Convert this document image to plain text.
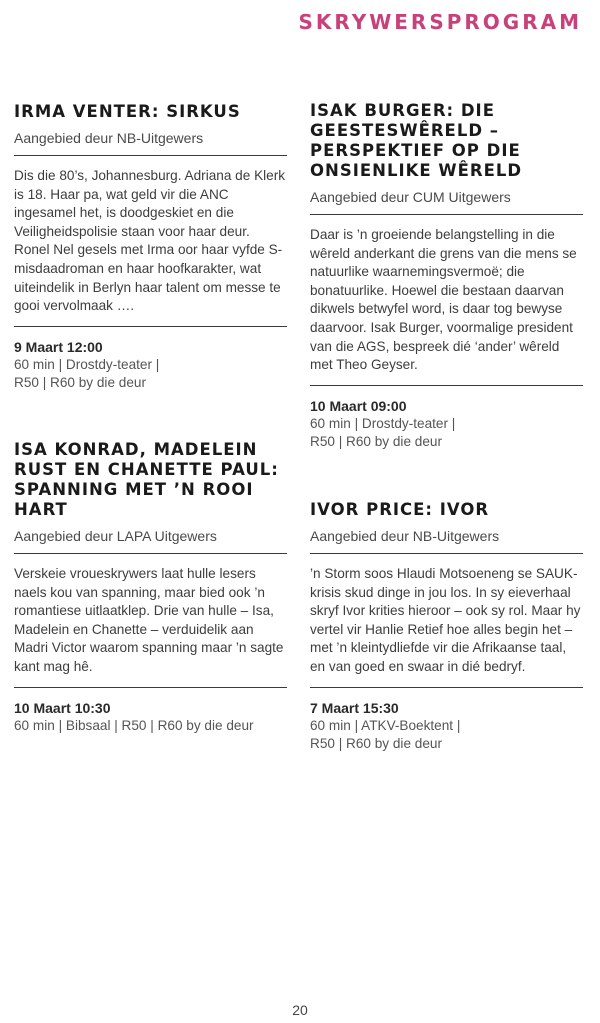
SKRYWERSPROGRAM
IRMA VENTER: SIRKUS
Aangebied deur NB-Uitgewers
Dis die 80’s, Johannesburg. Adriana de Klerk is 18. Haar pa, wat geld vir die ANC ingesamel het, is doodgeskiet en die Veiligheidspolisie staan voor haar deur. Ronel Nel gesels met Irma oor haar vyfde S-misdaadroman en haar hoofkarakter, wat uiteindelik in Berlyn haar talent om messe te gooi vervolmaak ….
9 Maart 12:00
60 min | Drostdy-teater | R50 | R60 by die deur
ISA KONRAD, MADELEIN RUST EN CHANETTE PAUL: SPANNING MET ’N ROOI HART
Aangebied deur LAPA Uitgewers
Verskeie vroueskrywers laat hulle lesers naels kou van spanning, maar bied ook ’n romantiese uitlaatklep. Drie van hulle – Isa, Madelein en Chanette – verduidelik aan Madri Victor waarom spanning maar ’n sagte kant mag hê.
10 Maart 10:30
60 min | Bibsaal | R50 | R60 by die deur
ISAK BURGER: DIE GEESTESWÊRELD – PERSPEKTIEF OP DIE ONSIENLIKE WÊRELD
Aangebied deur CUM Uitgewers
Daar is ’n groeiende belangstelling in die wêreld anderkant die grens van die mens se natuurlike waarnemingsvermoë; die bonatuurlike. Hoewel die bestaan daarvan dikwels betwyfel word, is daar tog bewyse daarvoor. Isak Burger, voormalige president van die AGS, bespreek dié ‘ander’ wêreld met Theo Geyser.
10 Maart 09:00
60 min | Drostdy-teater | R50 | R60 by die deur
IVOR PRICE: IVOR
Aangebied deur NB-Uitgewers
’n Storm soos Hlaudi Motsoeneng se SAUK-krisis skud dinge in jou los. In sy eieverhaal skryf Ivor krities hieroor – ook sy rol. Maar hy vertel vir Hanlie Retief hoe alles begin het – met ’n kleintydliefde vir die Afrikaanse taal, en van goed en swaar in dié bedryf.
7 Maart 15:30
60 min | ATKV-Boektent | R50 | R60 by die deur
20
